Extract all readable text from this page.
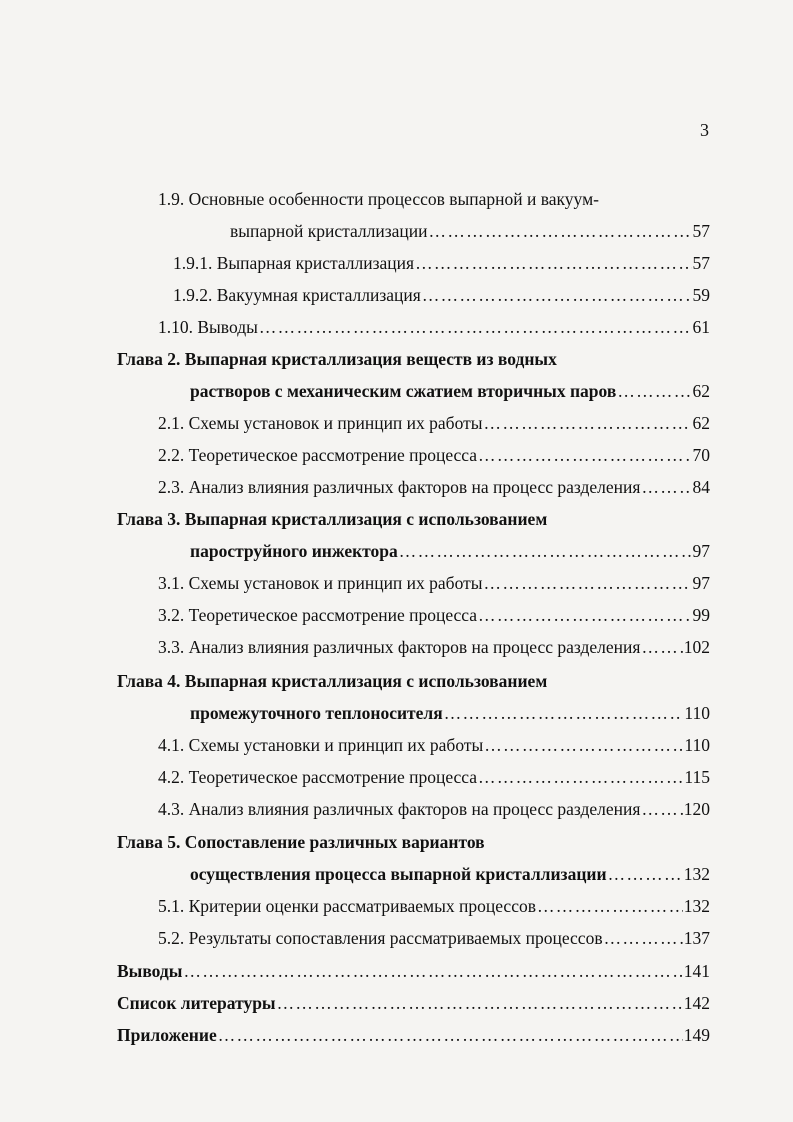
3
1.9. Основные особенности процессов выпарной и вакуум-
выпарной кристаллизации …………………………………………………………………………………………………………………………	57
1.9.1. Выпарная кристаллизация …………………………………………………………………………………………………………………………	57
1.9.2. Вакуумная кристаллизация …………………………………………………………………………………………………………………………	59
1.10. Выводы …………………………………………………………………………………………………………………………	61
Глава 2. Выпарная кристаллизация веществ из водных
растворов с механическим сжатием вторичных паров …………………………………………………………………………………………………………………………	62
2.1. Схемы установок и принцип их работы …………………………………………………………………………………………………………………………	62
2.2. Теоретическое рассмотрение процесса …………………………………………………………………………………………………………………………	70
2.3. Анализ влияния различных факторов на процесс разделения …………………………………………………………………………………………………………………………	84
Глава 3. Выпарная кристаллизация с использованием
пароструйного инжектора …………………………………………………………………………………………………………………………	97
3.1. Схемы установок и принцип их работы …………………………………………………………………………………………………………………………	97
3.2. Теоретическое рассмотрение процесса …………………………………………………………………………………………………………………………	99
3.3. Анализ влияния различных факторов на процесс разделения ………………………………………………………………………………………………………………………… 102
Глава 4. Выпарная кристаллизация с использованием
промежуточного теплоносителя …………………………………………………………………………………………………………………………	110
4.1. Схемы установки и принцип их работы …………………………………………………………………………………………………………………………	110
4.2. Теоретическое рассмотрение процесса …………………………………………………………………………………………………………………………	115
4.3. Анализ влияния различных факторов на процесс разделения ………………………………………………………………………………………………………………………… 120
Глава 5. Сопоставление различных вариантов
осуществления процесса выпарной кристаллизации …………………………………………………………………………………………………………………………	132
5.1. Критерии оценки рассматриваемых процессов …………………………………………………………………………………………………………………………	132
5.2. Результаты сопоставления рассматриваемых процессов …………………………………………………………………………………………………………………………	137
Выводы …………………………………………………………………………………………………………………………	141
Список литературы …………………………………………………………………………………………………………………………	142
Приложение …………………………………………………………………………………………………………………………	149
